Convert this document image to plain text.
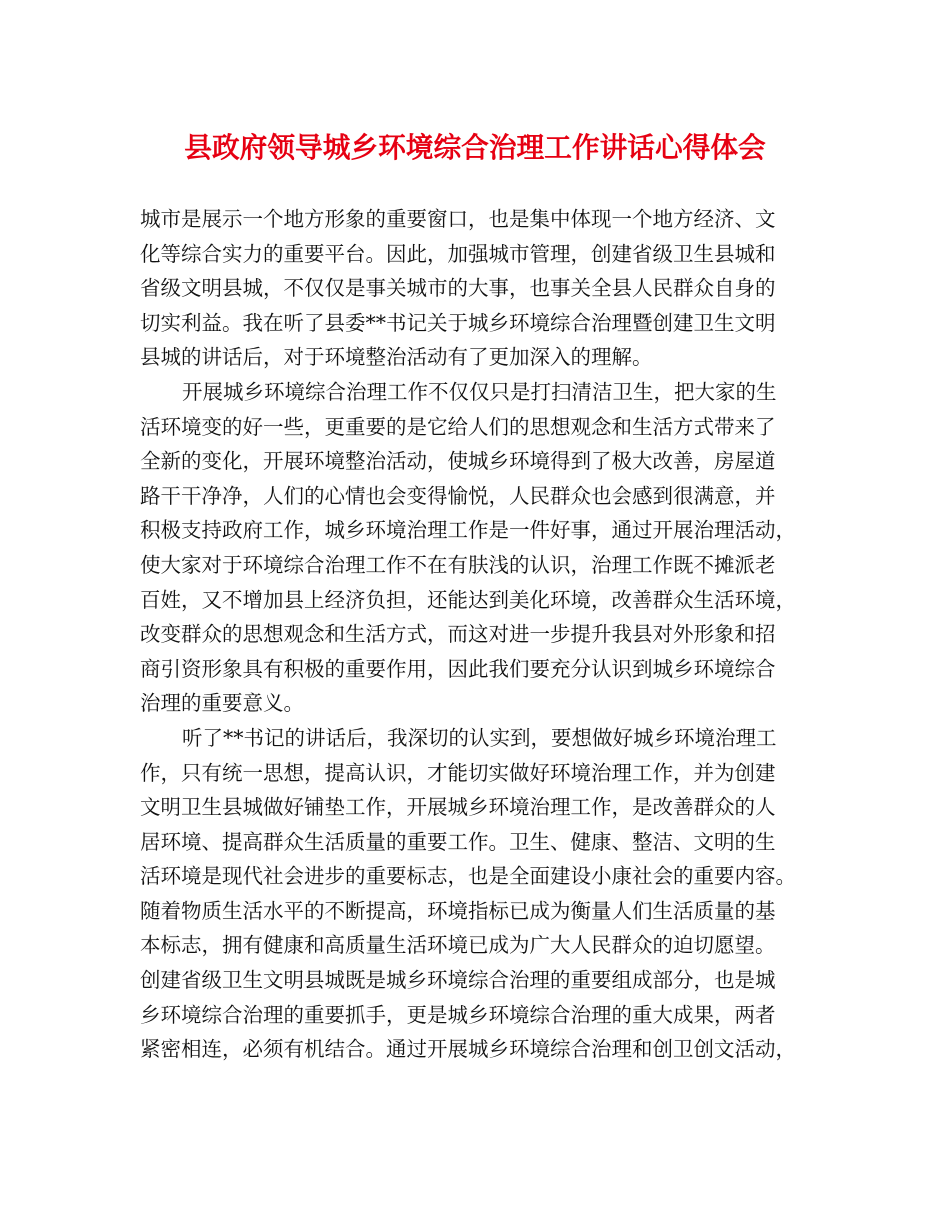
县政府领导城乡环境综合治理工作讲话心得体会
城市是展示一个地方形象的重要窗口，也是集中体现一个地方经济、文
化等综合实力的重要平台。因此，加强城市管理，创建省级卫生县城和
省级文明县城，不仅仅是事关城市的大事，也事关全县人民群众自身的
切实利益。我在听了县委**书记关于城乡环境综合治理暨创建卫生文明
县城的讲话后，对于环境整治活动有了更加深入的理解。
开展城乡环境综合治理工作不仅仅只是打扫清洁卫生，把大家的生
活环境变的好一些，更重要的是它给人们的思想观念和生活方式带来了
全新的变化，开展环境整治活动，使城乡环境得到了极大改善，房屋道
路干干净净，人们的心情也会变得愉悦，人民群众也会感到很满意，并
积极支持政府工作，城乡环境治理工作是一件好事，通过开展治理活动，
使大家对于环境综合治理工作不在有肤浅的认识，治理工作既不摊派老
百姓，又不增加县上经济负担，还能达到美化环境，改善群众生活环境，
改变群众的思想观念和生活方式，而这对进一步提升我县对外形象和招
商引资形象具有积极的重要作用，因此我们要充分认识到城乡环境综合
治理的重要意义。
听了**书记的讲话后，我深切的认实到，要想做好城乡环境治理工
作，只有统一思想，提高认识，才能切实做好环境治理工作，并为创建
文明卫生县城做好铺垫工作，开展城乡环境治理工作，是改善群众的人
居环境、提高群众生活质量的重要工作。卫生、健康、整洁、文明的生
活环境是现代社会进步的重要标志，也是全面建设小康社会的重要内容。
随着物质生活水平的不断提高，环境指标已成为衡量人们生活质量的基
本标志，拥有健康和高质量生活环境已成为广大人民群众的迫切愿望。
创建省级卫生文明县城既是城乡环境综合治理的重要组成部分，也是城
乡环境综合治理的重要抓手，更是城乡环境综合治理的重大成果，两者
紧密相连，必须有机结合。通过开展城乡环境综合治理和创卫创文活动，
